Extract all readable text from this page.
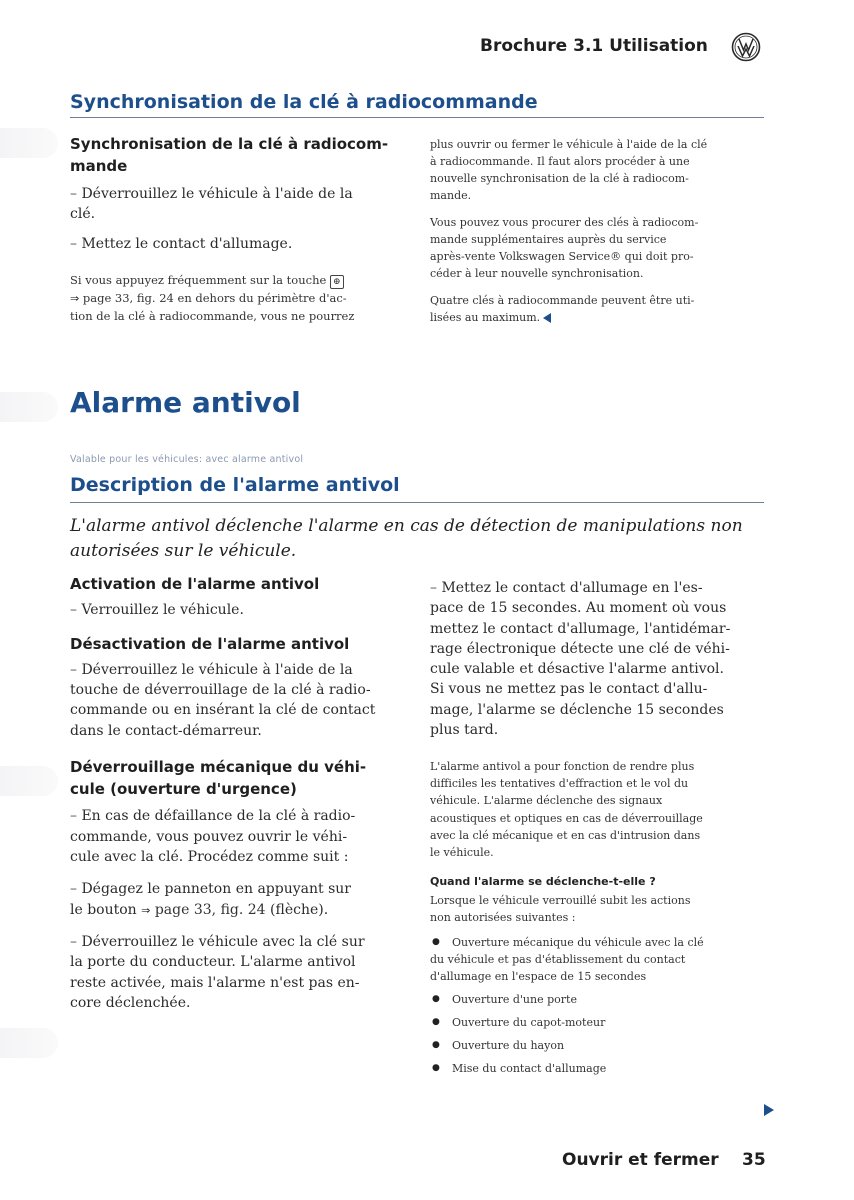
Brochure 3.1 Utilisation
Synchronisation de la clé à radiocommande
Synchronisation de la clé à radiocom-
mande
– Déverrouillez le véhicule à l'aide de la
clé.
– Mettez le contact d'allumage.
Si vous appuyez fréquemment sur la touche ⊕
⇒ page 33, fig. 24 en dehors du périmètre d'ac-
tion de la clé à radiocommande, vous ne pourrez
plus ouvrir ou fermer le véhicule à l'aide de la clé
à radiocommande. Il faut alors procéder à une
nouvelle synchronisation de la clé à radiocom-
mande.
Vous pouvez vous procurer des clés à radiocom-
mande supplémentaires auprès du service
après-vente Volkswagen Service® qui doit pro-
céder à leur nouvelle synchronisation.
Quatre clés à radiocommande peuvent être uti-
lisées au maximum.
Alarme antivol
Valable pour les véhicules: avec alarme antivol
Description de l'alarme antivol
L'alarme antivol déclenche l'alarme en cas de détection de manipulations non
autorisées sur le véhicule.
Activation de l'alarme antivol
– Verrouillez le véhicule.
Désactivation de l'alarme antivol
– Déverrouillez le véhicule à l'aide de la
touche de déverrouillage de la clé à radio-
commande ou en insérant la clé de contact
dans le contact-démarreur.
Déverrouillage mécanique du véhi-
cule (ouverture d'urgence)
– En cas de défaillance de la clé à radio-
commande, vous pouvez ouvrir le véhi-
cule avec la clé. Procédez comme suit :
– Dégagez le panneton en appuyant sur
le bouton ⇒ page 33, fig. 24 (flèche).
– Déverrouillez le véhicule avec la clé sur
la porte du conducteur. L'alarme antivol
reste activée, mais l'alarme n'est pas en-
core déclenchée.
– Mettez le contact d'allumage en l'es-
pace de 15 secondes. Au moment où vous
mettez le contact d'allumage, l'antidémar-
rage électronique détecte une clé de véhi-
cule valable et désactive l'alarme antivol.
Si vous ne mettez pas le contact d'allu-
mage, l'alarme se déclenche 15 secondes
plus tard.
L'alarme antivol a pour fonction de rendre plus
difficiles les tentatives d'effraction et le vol du
véhicule. L'alarme déclenche des signaux
acoustiques et optiques en cas de déverrouillage
avec la clé mécanique et en cas d'intrusion dans
le véhicule.
Quand l'alarme se déclenche-t-elle ?
Lorsque le véhicule verrouillé subit les actions
non autorisées suivantes :
● Ouverture mécanique du véhicule avec la clé
du véhicule et pas d'établissement du contact
d'allumage en l'espace de 15 secondes
● Ouverture d'une porte
● Ouverture du capot-moteur
● Ouverture du hayon
● Mise du contact d'allumage
Ouvrir et fermer 35
